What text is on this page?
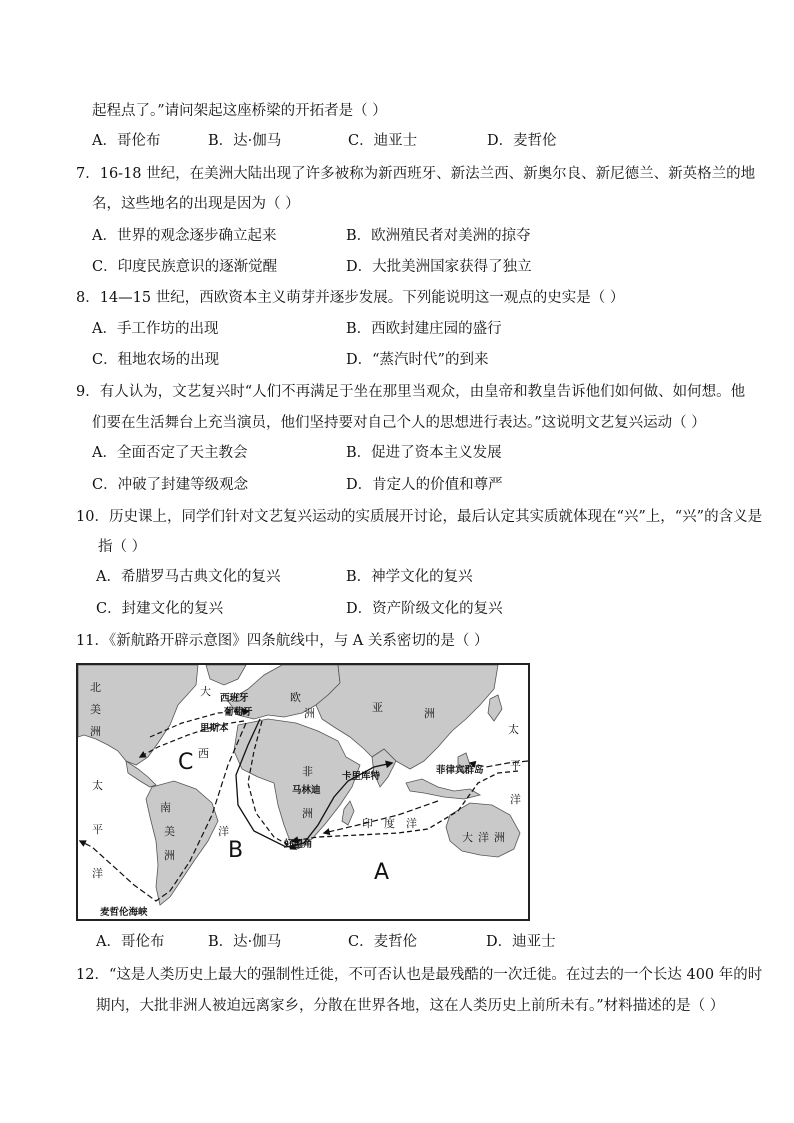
起程点了。”请问架起这座桥梁的开拓者是（ ）
A．哥伦布	B．达·伽马	C．迪亚士	D．麦哲伦
7．16-18 世纪，在美洲大陆出现了许多被称为新西班牙、新法兰西、新奥尔良、新尼德兰、新英格兰的地
名，这些地名的出现是因为（ ）
A．世界的观念逐步确立起来	B．欧洲殖民者对美洲的掠夺
C．印度民族意识的逐渐觉醒	D．大批美洲国家获得了独立
8．14—15 世纪，西欧资本主义萌芽并逐步发展。下列能说明这一观点的史实是（ ）
A．手工作坊的出现	B．西欧封建庄园的盛行
C．租地农场的出现	D．“蒸汽时代”的到来
9．有人认为，文艺复兴时“人们不再满足于坐在那里当观众，由皇帝和教皇告诉他们如何做、如何想。他
们要在生活舞台上充当演员，他们坚持要对自己个人的思想进行表达。”这说明文艺复兴运动（ ）
A．全面否定了天主教会	B．促进了资本主义发展
C．冲破了封建等级观念	D．肯定人的价值和尊严
10．历史课上，同学们针对文艺复兴运动的实质展开讨论，最后认定其实质就体现在“兴”上，“兴”的含义是
指（ ）
A．希腊罗马古典文化的复兴	B．神学文化的复兴
C．封建文化的复兴	D．资产阶级文化的复兴
11．《新航路开辟示意图》四条航线中，与 A 关系密切的是（ ）
北
美
洲
大
西
洋
西班牙
葡萄牙
里斯本
欧
洲	亚	洲
太
平
洋
卡里库特
菲律宾群岛
非
洲
马林迪
印 度 洋
大 洋 洲
南
美
洲
太
平
洋
好望角
麦哲伦海峡
A
B
C
A．哥伦布	B．达·伽马	C．麦哲伦	D．迪亚士
12．“这是人类历史上最大的强制性迁徙，不可否认也是最残酷的一次迁徙。在过去的一个长达 400 年的时
期内，大批非洲人被迫远离家乡，分散在世界各地，这在人类历史上前所未有。”材料描述的是（ ）
